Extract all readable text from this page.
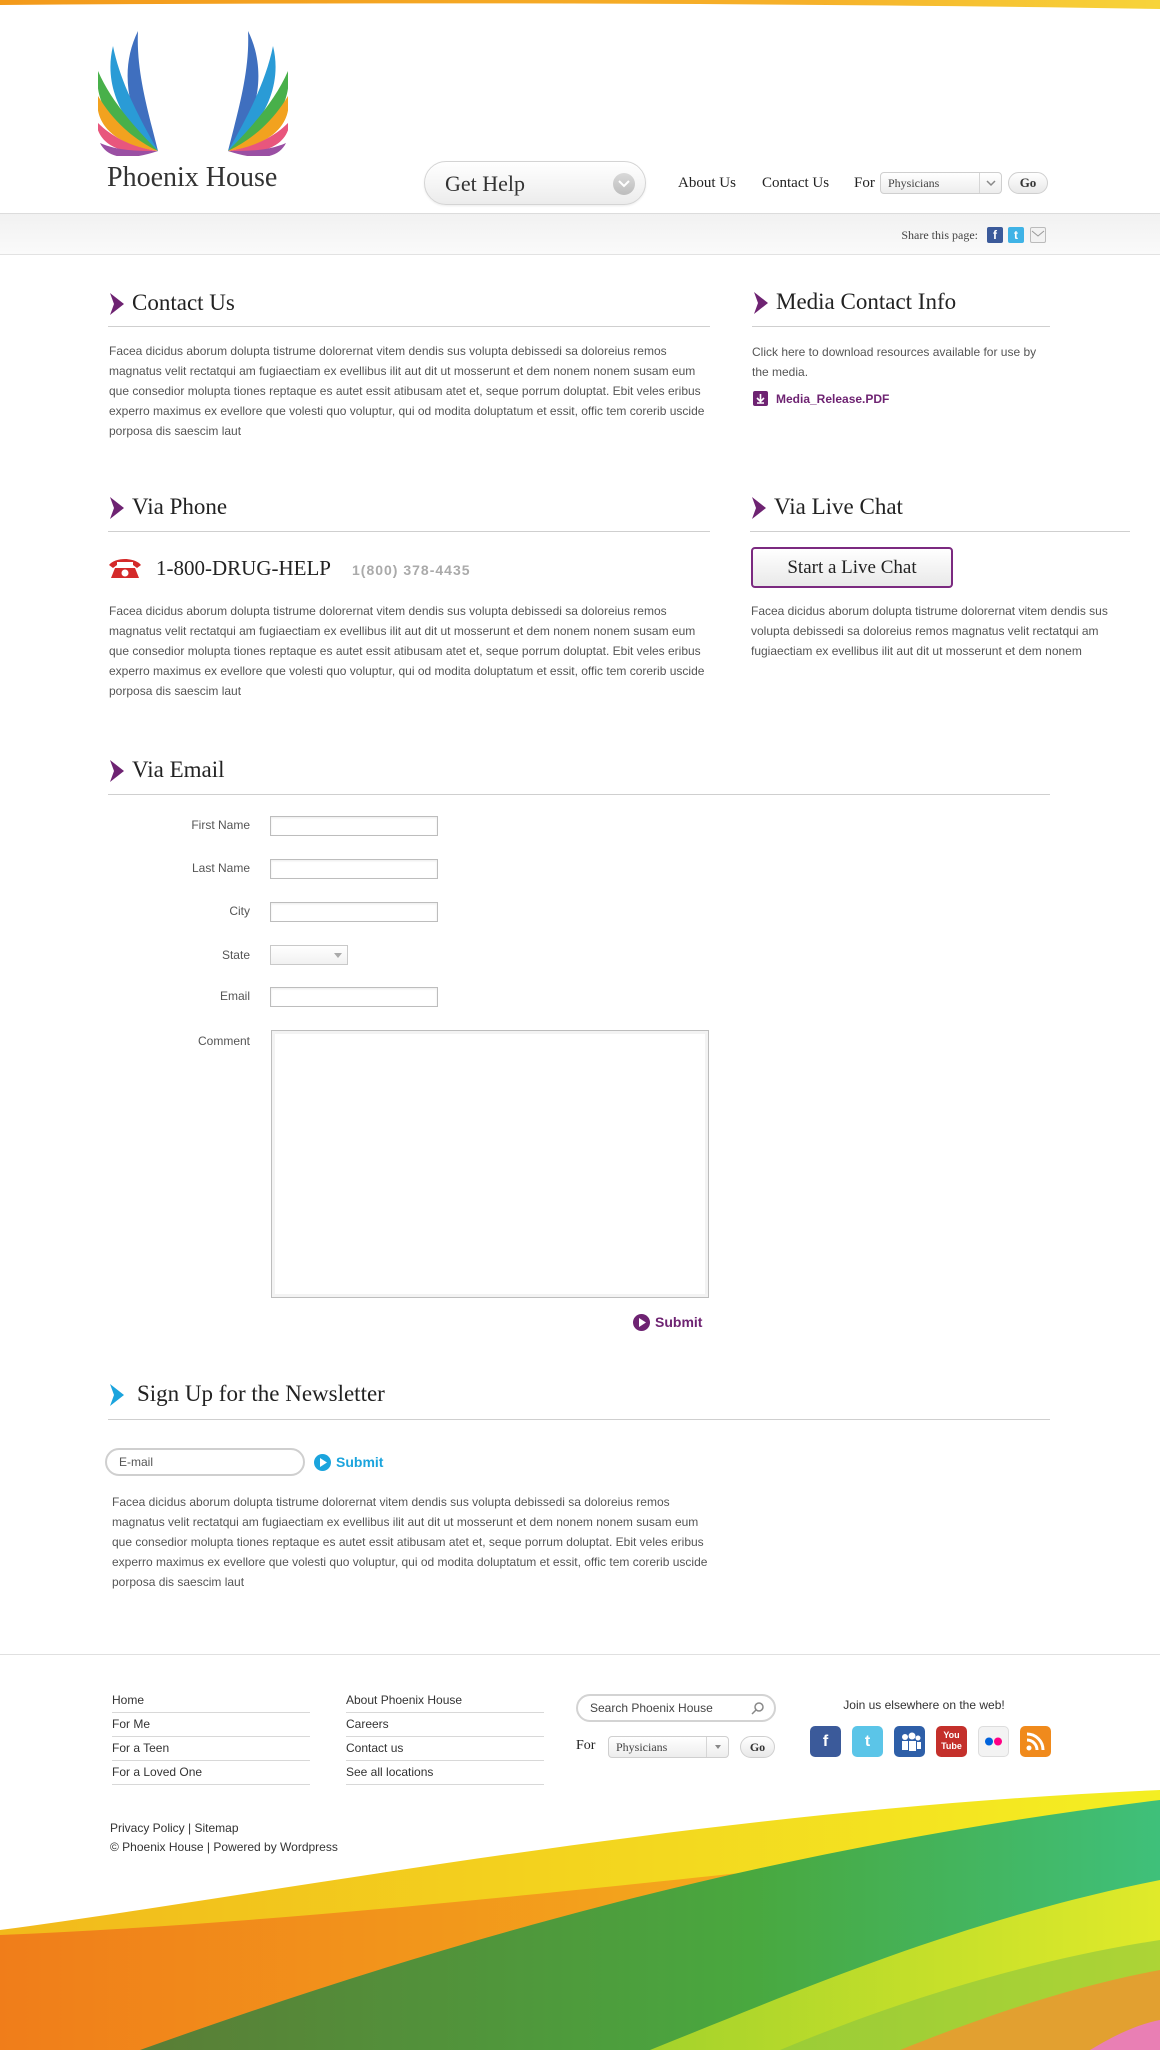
Phoenix House	Get Help	About Us Contact Us For Physicians	Go
Share this page:	f	t
Contact Us

Facea dicidus aborum dolupta tistrume dolorernat vitem dendis sus volupta debissedi sa doloreius remos magnatus velit rectatqui am fugiaectiam ex evellibus ilit aut dit ut mosserunt et dem nonem nonem susam eum que consedior molupta tiones reptaque es autet essit atibusam atet et, seque porrum doluptat. Ebit veles eribus experro maximus ex evellore que volesti quo voluptur, qui od modita doluptatum et essit, offic tem corerib uscide porposa dis saescim laut

Media Contact Info

Click here to download resources available for use by the media.

Media_Release.PDF
Via Phone
1-800-DRUG-HELP 1(800) 378-4435

Facea dicidus aborum dolupta tistrume dolorernat vitem dendis sus volupta debissedi sa doloreius remos magnatus velit rectatqui am fugiaectiam ex evellibus ilit aut dit ut mosserunt et dem nonem nonem susam eum que consedior molupta tiones reptaque es autet essit atibusam atet et, seque porrum doluptat. Ebit veles eribus experro maximus ex evellore que volesti quo voluptur, qui od modita doluptatum et essit, offic tem corerib uscide porposa dis saescim laut

Via Live Chat
Start a Live Chat

Facea dicidus aborum dolupta tistrume dolorernat vitem dendis sus volupta debissedi sa doloreius remos magnatus velit rectatqui am fugiaectiam ex evellibus ilit aut dit ut mosserunt et dem nonem

Via Email
First Name
Last Name
City
State
Email
Comment
Submit
Sign Up for the Newsletter
E-mail	Submit

Facea dicidus aborum dolupta tistrume dolorernat vitem dendis sus volupta debissedi sa doloreius remos magnatus velit rectatqui am fugiaectiam ex evellibus ilit aut dit ut mosserunt et dem nonem nonem susam eum que consedior molupta tiones reptaque es autet essit atibusam atet et, seque porrum doluptat. Ebit veles eribus experro maximus ex evellore que volesti quo voluptur, qui od modita doluptatum et essit, offic tem corerib uscide porposa dis saescim laut

Home
For Me
For a Teen
For a Loved One
About Phoenix House
Careers
Contact us
See all locations
Search Phoenix House
For Physicians	Go
Join us elsewhere on the web!
f	t	You
Tube
Privacy Policy | Sitemap
© Phoenix House | Powered by Wordpress
